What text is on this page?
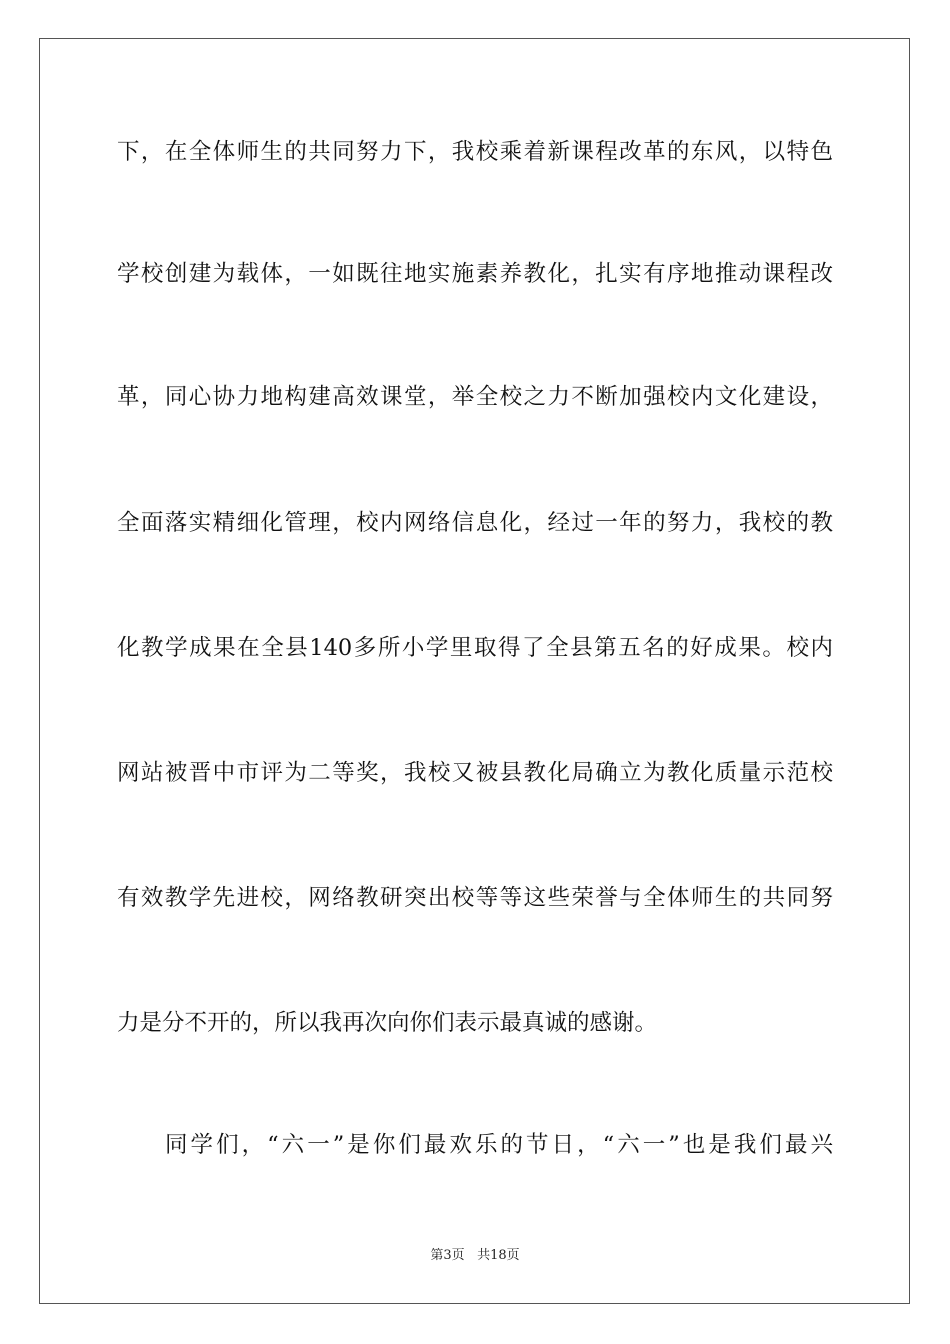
下，在全体师生的共同努力下，我校乘着新课程改革的东风，以特色
学校创建为载体，一如既往地实施素养教化，扎实有序地推动课程改
革，同心协力地构建高效课堂，举全校之力不断加强校内文化建设，
全面落实精细化管理，校内网络信息化，经过一年的努力，我校的教
化教学成果在全县140多所小学里取得了全县第五名的好成果。校内
网站被晋中市评为二等奖，我校又被县教化局确立为教化质量示范校
有效教学先进校，网络教研突出校等等这些荣誉与全体师生的共同努
力是分不开的，所以我再次向你们表示最真诚的感谢。
同学们，“六一”是你们最欢乐的节日，“六一”也是我们最兴
第3页 共18页
